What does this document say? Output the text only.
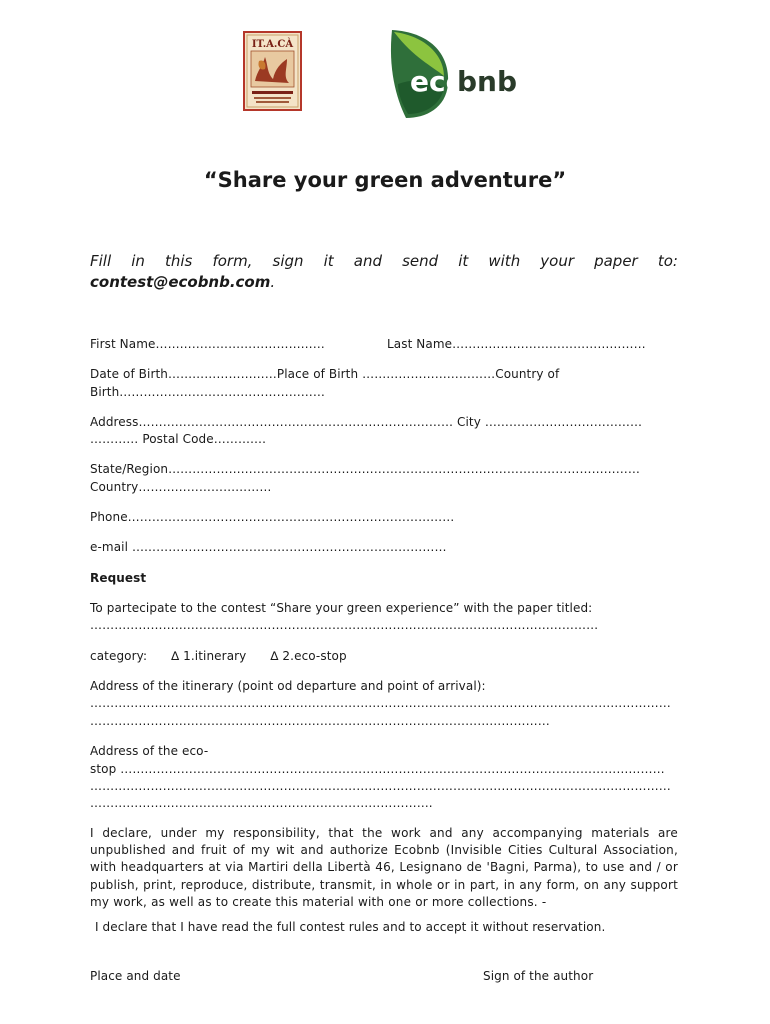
IT.A.CÀ
eco
bnb
“Share your green adventure”
Fill in this form, sign it and send it with your paper to:
contest@ecobnb.com.
First Name……………………………………	Last Name…………………………………………
Date of Birth………………………Place of Birth ……………………………Country of
Birth……………………………………………
Address…………………………………………………………………… City …………………………………
………… Postal Code………….
State/Region………………………………………………………………………………………………………
Country……………………………
Phone………………………………………………………………………
e-mail ……………………………………………………………………
Request
To partecipate to the contest “Share your green experience” with the paper titled:
………………………………………………………………………………………………………………
category: ∆ 1.itinerary ∆ 2.eco-stop
Address of the itinerary (point od departure and point of arrival):
………………………………………………………………………………………………………………………………
……………………………………………………………………………………………………
Address of the eco-
stop ………………………………………………………………………………………………………………………
………………………………………………………………………………………………………………………………
………………………………………………………………………….
I declare, under my responsibility, that the work and any accompanying materials are unpublished and fruit of my wit and authorize Ecobnb (Invisible Cities Cultural Association, with headquarters at via Martiri della Libertà 46, Lesignano de 'Bagni, Parma), to use and / or publish, print, reproduce, distribute, transmit, in whole or in part, in any form, on any support my work, as well as to create this material with one or more collections. -
I declare that I have read the full contest rules and to accept it without reservation.
Place and date	Sign of the author
